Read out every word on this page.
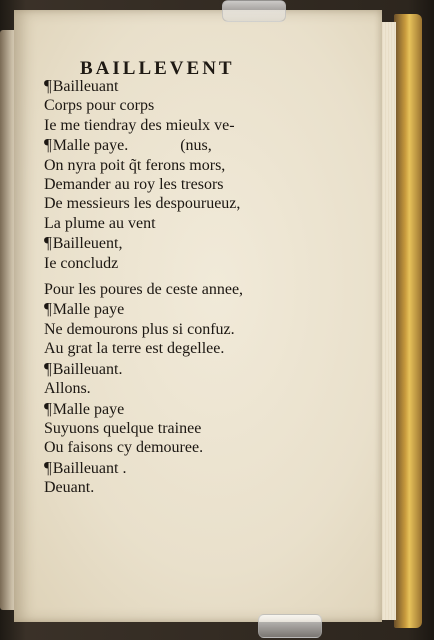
BAILLEVENT
¶Bailleuant
Corps pour corps
Ie me tiendray des mieulx ve-
¶Malle paye.             (nus,
On nyra poit q̃t ferons mors,
Demander au roy les tresors
De messieurs les despourueuz,
La plume au vent
¶Bailleuent,
Ie concludz
Pour les poures de ceste annee,
¶Malle paye
Ne demourons plus si confuz.
Au grat la terre est degellee.
¶Bailleuant.
Allons.
¶Malle paye
Suyuons quelque trainee
Ou faisons cy demouree.
¶Bailleuant .
Deuant.
